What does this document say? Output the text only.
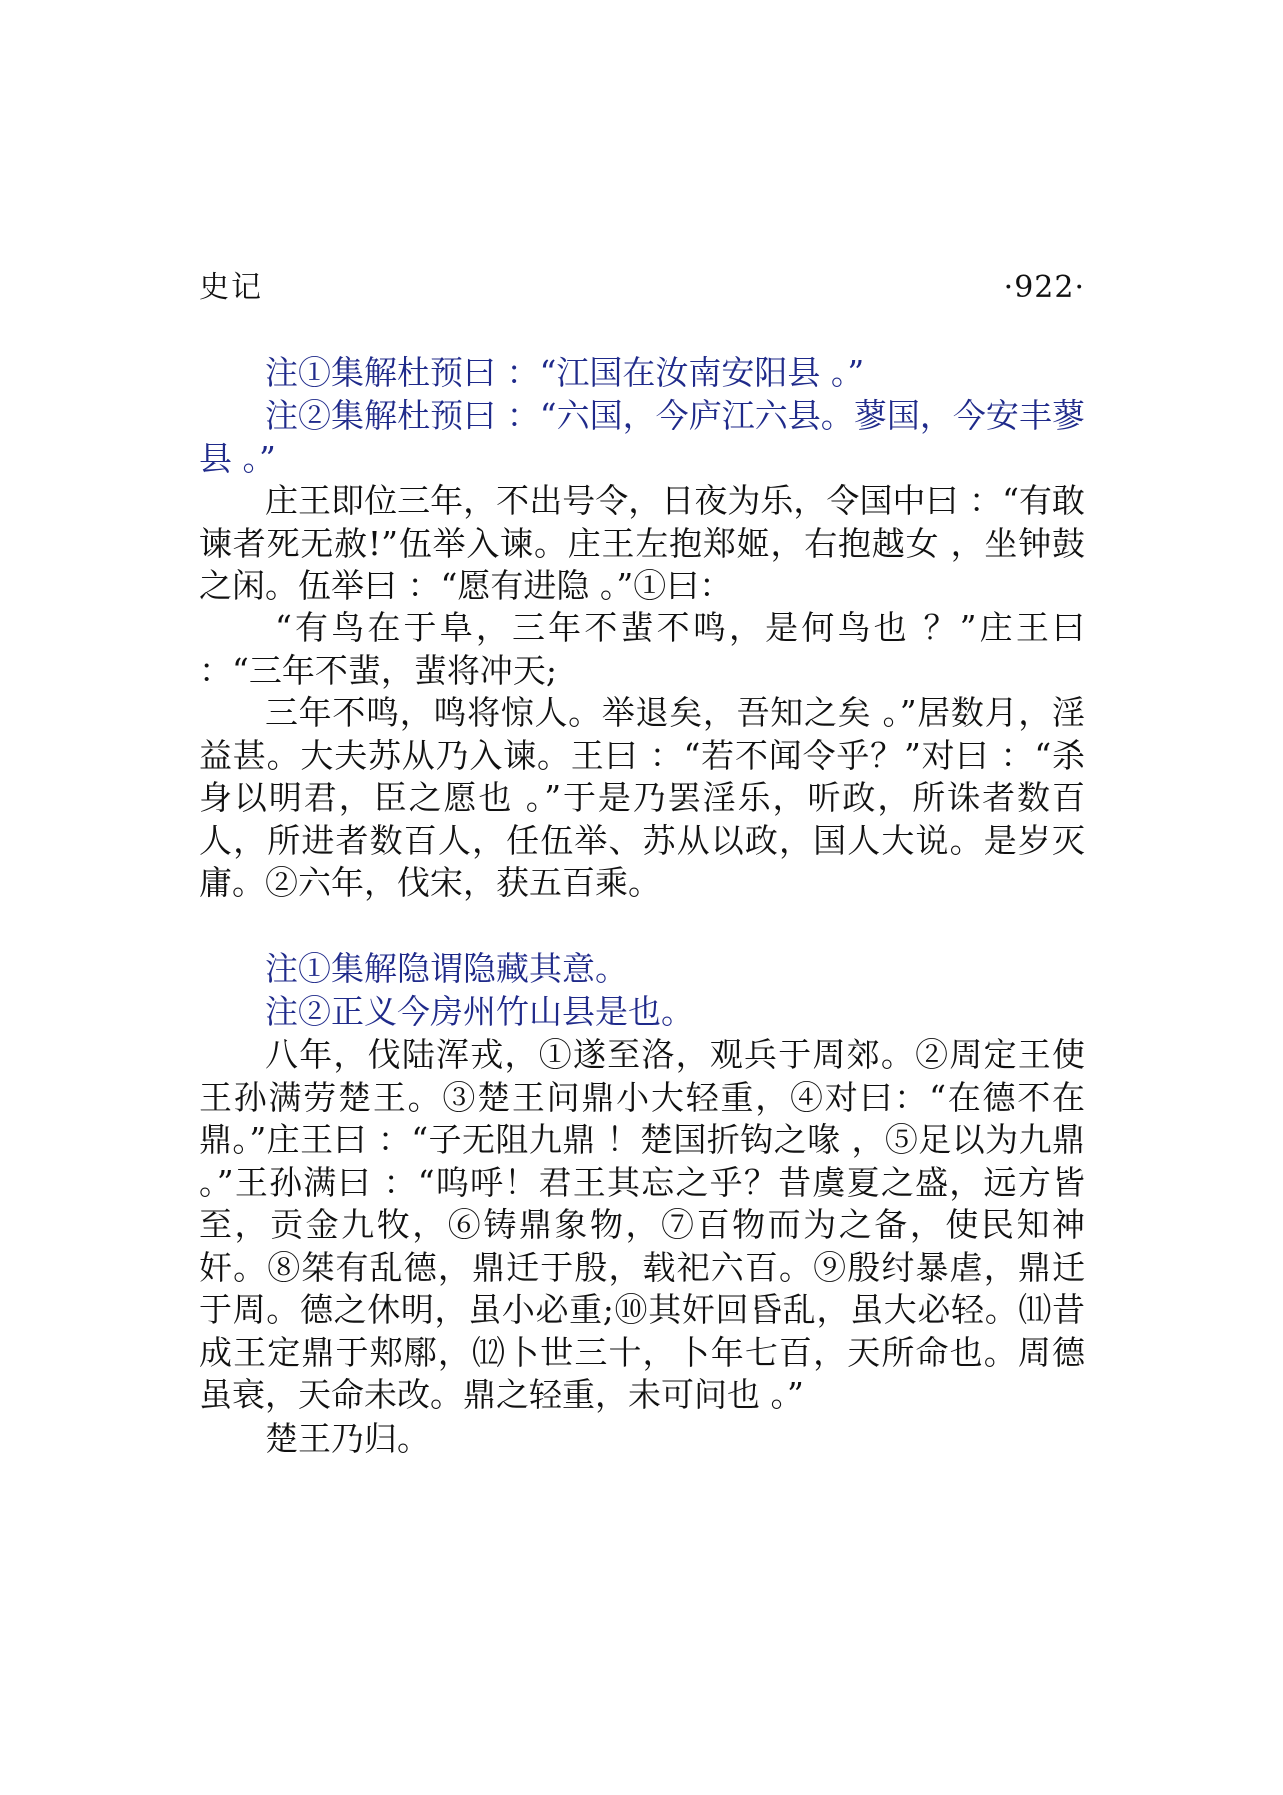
史记	·922·

注①集解杜预曰 ：“江国在汝南安阳县 。”

注②集解杜预曰 ：“六国，今庐江六县。蓼国，今安丰蓼县 。”

庄王即位三年，不出号令，日夜为乐，令国中曰 ：“有敢谏者死无赦!”伍举入谏。庄王左抱郑姬，右抱越女 ，坐钟鼓之闲。伍举曰 ：“愿有进隐 。”①曰：

“有鸟在于阜，三年不蜚不鸣，是何鸟也 ？”庄王曰 ：“三年不蜚，蜚将冲天;

三年不鸣，鸣将惊人。举退矣，吾知之矣 。”居数月，淫益甚。大夫苏从乃入谏。王曰 ：“若不闻令乎？”对曰 ：“杀身以明君，臣之愿也 。”于是乃罢淫乐，听政，所诛者数百人，所进者数百人，任伍举、苏从以政，国人大说。是岁灭庸。②六年，伐宋，获五百乘。

注①集解隐谓隐藏其意。

注②正义今房州竹山县是也。

八年，伐陆浑戎，①遂至洛，观兵于周郊。②周定王使王孙满劳楚王。③楚王问鼎小大轻重，④对曰：“在德不在鼎。”庄王曰 ：“子无阻九鼎 ！楚国折钩之喙 ，⑤足以为九鼎 。”王孙满曰 ：“呜呼！君王其忘之乎？昔虞夏之盛，远方皆至，贡金九牧，⑥铸鼎象物，⑦百物而为之备，使民知神奸。⑧桀有乱德，鼎迁于殷，载祀六百。⑨殷纣暴虐，鼎迁于周。德之休明，虽小必重;⑩其奸回昏乱，虽大必轻。⑾昔成王定鼎于郏鄏，⑿卜世三十，卜年七百，天所命也。周德虽衰，天命未改。鼎之轻重，未可问也 。”

楚王乃归。
